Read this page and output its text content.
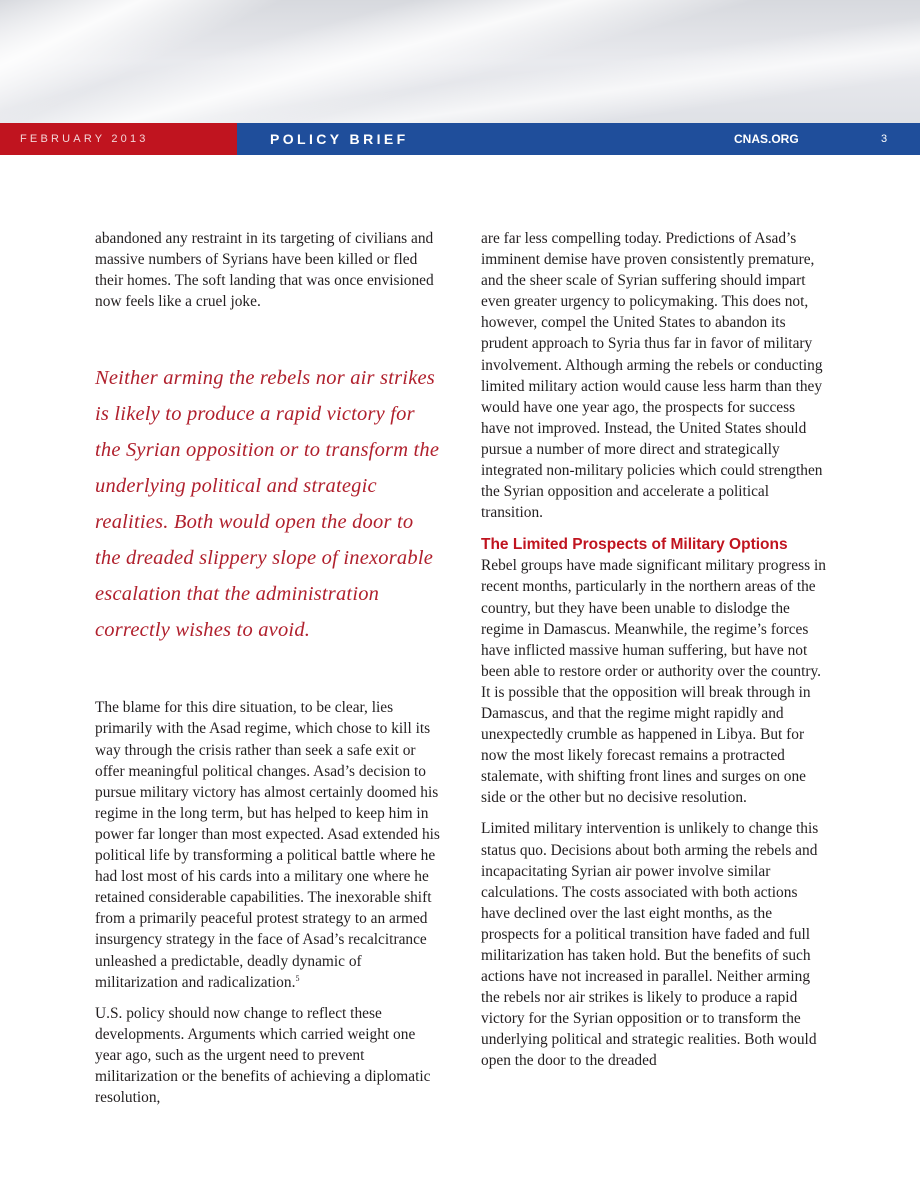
FEBRUARY 2013	POLICY BRIEF	CNAS.ORG	3

abandoned any restraint in its targeting of civilians and massive numbers of Syrians have been killed or fled their homes. The soft landing that was once envisioned now feels like a cruel joke.

Neither arming the rebels nor air strikes is likely to produce a rapid victory for the Syrian opposition or to transform the underlying political and strategic realities. Both would open the door to the dreaded slippery slope of inexorable escalation that the administration correctly wishes to avoid.

The blame for this dire situation, to be clear, lies primarily with the Asad regime, which chose to kill its way through the crisis rather than seek a safe exit or offer meaningful political changes. Asad’s decision to pursue military victory has almost certainly doomed his regime in the long term, but has helped to keep him in power far longer than most expected. Asad extended his political life by transforming a political battle where he had lost most of his cards into a military one where he retained considerable capabilities. The inexorable shift from a primarily peaceful protest strategy to an armed insurgency strategy in the face of Asad’s recalcitrance unleashed a predictable, deadly dynamic of militarization and radicalization.$^5$

U.S. policy should now change to reflect these developments. Arguments which carried weight one year ago, such as the urgent need to prevent militarization or the benefits of achieving a diplomatic resolution,

are far less compelling today. Predictions of Asad’s imminent demise have proven consistently premature, and the sheer scale of Syrian suffering should impart even greater urgency to policymaking. This does not, however, compel the United States to abandon its prudent approach to Syria thus far in favor of military involvement. Although arming the rebels or conducting limited military action would cause less harm than they would have one year ago, the prospects for success have not improved. Instead, the United States should pursue a number of more direct and strategically integrated non-military policies which could strengthen the Syrian opposition and accelerate a political transition.

The Limited Prospects of Military Options

Rebel groups have made significant military progress in recent months, particularly in the northern areas of the country, but they have been unable to dislodge the regime in Damascus. Meanwhile, the regime’s forces have inflicted massive human suffering, but have not been able to restore order or authority over the country. It is possible that the opposition will break through in Damascus, and that the regime might rapidly and unexpectedly crumble as happened in Libya. But for now the most likely forecast remains a protracted stalemate, with shifting front lines and surges on one side or the other but no decisive resolution.

Limited military intervention is unlikely to change this status quo. Decisions about both arming the rebels and incapacitating Syrian air power involve similar calculations. The costs associated with both actions have declined over the last eight months, as the prospects for a political transition have faded and full militarization has taken hold. But the benefits of such actions have not increased in parallel. Neither arming the rebels nor air strikes is likely to produce a rapid victory for the Syrian opposition or to transform the underlying political and strategic realities. Both would open the door to the dreaded
